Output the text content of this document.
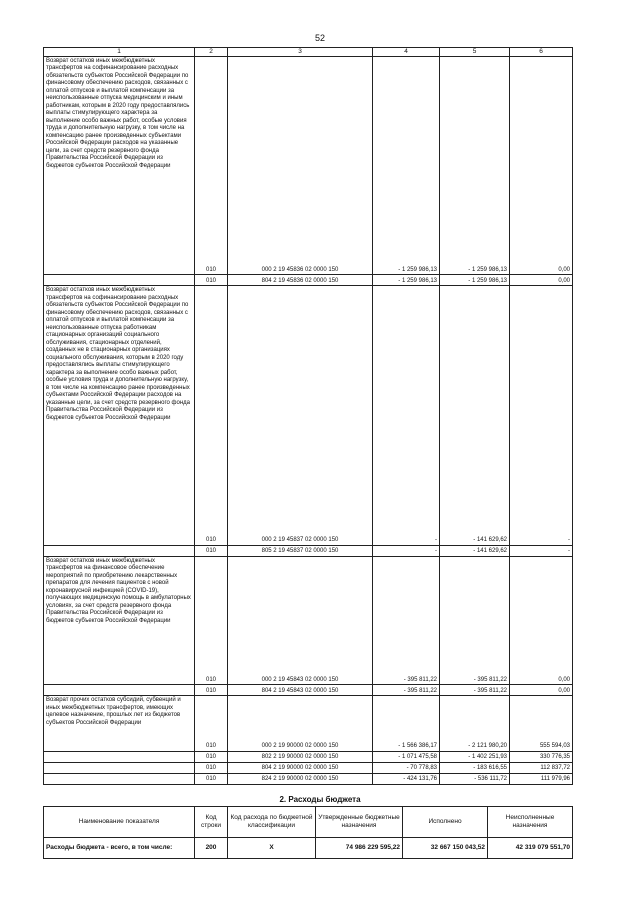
52
1	2	3	4	5	6
Возврат остатков иных межбюджетных трансфертов на софинансирование расходных обязательств субъектов Российской Федерации по финансовому обеспечению расходов, связанных с оплатой отпусков и выплатой компенсации за неиспользованные отпуска медицинским и иным работникам, которым в 2020 году предоставлялись выплаты стимулирующего характера за выполнение особо важных работ, особые условия труда и дополнительную нагрузку, в том числе на компенсацию ранее произведенных субъектами Российской Федерации расходов на указанные цели, за счет средств резервного фонда Правительства Российской Федерации из бюджетов субъектов Российской Федерации					
	010	000 2 19 45836 02 0000 150	- 1 259 986,13	- 1 259 986,13	0,00
	010	804 2 19 45836 02 0000 150	- 1 259 986,13	- 1 259 986,13	0,00
Возврат остатков иных межбюджетных трансфертов на софинансирование расходных обязательств субъектов Российской Федерации по финансовому обеспечению расходов, связанных с оплатой отпусков и выплатой компенсации за неиспользованные отпуска работникам стационарных организаций социального обслуживания, стационарных отделений, созданных не в стационарных организациях социального обслуживания, которым в 2020 году предоставлялись выплаты стимулирующего характера за выполнение особо важных работ, особые условия труда и дополнительную нагрузку, в том числе на компенсацию ранее произведенных субъектами Российской Федерации расходов на указанные цели, за счет средств резервного фонда Правительства Российской Федерации из бюджетов субъектов Российской Федерации					
	010	000 2 19 45837 02 0000 150	-	- 141 629,62	-
	010	805 2 19 45837 02 0000 150	-	- 141 629,62	-
Возврат остатков иных межбюджетных трансфертов на финансовое обеспечение мероприятий по приобретению лекарственных препаратов для лечения пациентов с новой коронавирусной инфекцией (COVID-19), получающих медицинскую помощь в амбулаторных условиях, за счет средств резервного фонда Правительства Российской Федерации из бюджетов субъектов Российской Федерации					
	010	000 2 19 45843 02 0000 150	- 395 811,22	- 395 811,22	0,00
	010	804 2 19 45843 02 0000 150	- 395 811,22	- 395 811,22	0,00
Возврат прочих остатков субсидий, субвенций и иных межбюджетных трансфертов, имеющих целевое назначение, прошлых лет из бюджетов субъектов Российской Федерации					
	010	000 2 19 90000 02 0000 150	- 1 566 386,17	- 2 121 980,20	555 594,03
	010	802 2 19 90000 02 0000 150	- 1 071 475,58	- 1 402 251,93	330 776,35
	010	804 2 19 90000 02 0000 150	- 70 778,83	- 183 616,55	112 837,72
	010	824 2 19 90000 02 0000 150	- 424 131,76	- 536 111,72	111 979,96
2. Расходы бюджета
Наименование показателя	Код строки	Код расхода по бюджетной классификации	Утвержденные бюджетные назначения	Исполнено	Неисполненные назначения
Расходы бюджета - всего, в том числе:	200	X	74 986 229 595,22	32 667 150 043,52	42 319 079 551,70
